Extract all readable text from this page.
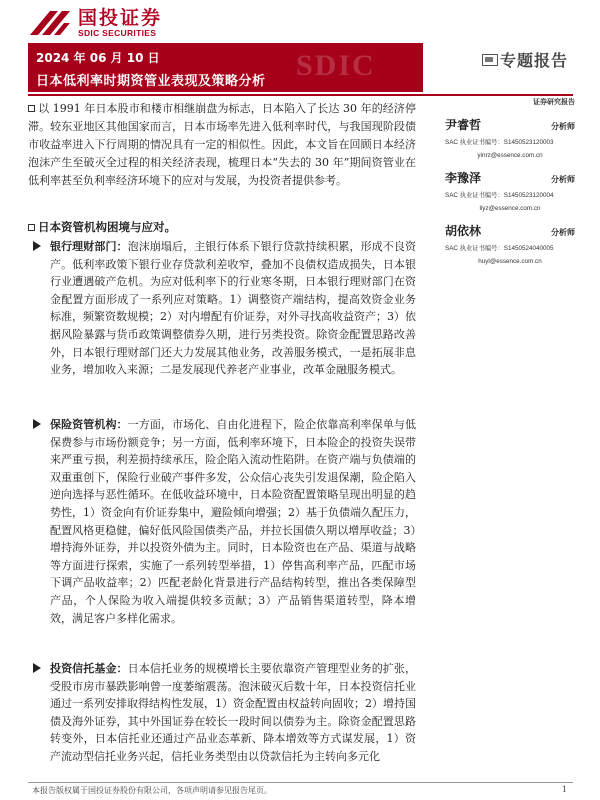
国投证券
SDIC SECURITIES
SDIC
2024 年 06 月 10 日
日本低利率时期资管业表现及策略分析
专题报告

以 1991 年日本股市和楼市相继崩盘为标志，日本陷入了长达 30 年的经济停滞。较东亚地区其他国家而言，日本市场率先进入低利率时代，与我国现阶段债市收益率进入下行周期的情况具有一定的相似性。因此，本文旨在回顾日本经济泡沫产生至破灭全过程的相关经济表现，梳理日本“失去的 30 年”期间资管业在低利率甚至负利率经济环境下的应对与发展，为投资者提供参考。

日本资管机构困境与应对。

银行理财部门：泡沫崩塌后，主银行体系下银行贷款持续积累，形成不良资产。低利率政策下银行业存贷款利差收窄，叠加不良债权造成损失，日本银行业遭遇破产危机。为应对低利率下的行业寒冬期，日本银行理财部门在资金配置方面形成了一系列应对策略。1）调整资产端结构，提高效资金业务标准，频繁资数规模；2）对内增配有价证券，对外寻找高收益资产；3）依据风险暴露与货币政策调整债券久期，进行另类投资。除资金配置思路改善外，日本银行理财部门还大力发展其他业务，改善服务模式，一是拓展非息业务，增加收入来源；二是发展现代养老产业事业，改革金融服务模式。

保险资管机构：一方面，市场化、自由化进程下，险企依靠高利率保单与低保费参与市场份额竞争；另一方面，低利率环境下，日本险企的投资失误带来严重亏损，利差损持续承压，险企陷入流动性陷阱。在资产端与负债端的双重重创下，保险行业破产事件多发，公众信心丧失引发退保潮，险企陷入逆向选择与恶性循环。在低收益环境中，日本险资配置策略呈现出明显的趋势性，1）资金向有价证券集中，避险倾向增强；2）基于负债端久配压力，配置风格更稳健，偏好低风险国债类产品，并拉长国债久期以增厚收益；3）增持海外证券，并以投资外债为主。同时，日本险资也在产品、渠道与战略等方面进行探索，实施了一系列转型举措，1）停售高利率产品，匹配市场下调产品收益率；2）匹配老龄化背景进行产品结构转型，推出各类保障型产品，个人保险为收入端提供较多贡献；3）产品销售渠道转型，降本增效，满足客户多样化需求。

投资信托基金：日本信托业务的规模增长主要依靠资产管理型业务的扩张，受股市房市暴跌影响曾一度萎缩震荡。泡沫破灭后数十年，日本投资信托业通过一系列安排取得结构性发展，1）资金配置由权益转向固收；2）增持国债及海外证券，其中外国证券在较长一段时间以债券为主。除资金配置思路转变外，日本信托业还通过产品业态革新、降本增效等方式谋发展，1）资产流动型信托业务兴起，信托业务类型由以贷款信托为主转向多元化

证券研究报告
尹睿哲	分析师
SAC 执业证书编号：S1450523120003
yinrz@essence.com.cn
李豫泽	分析师
SAC 执业证书编号：S1450523120004
liyz@essence.com.cn
胡依林	分析师
SAC 执业证书编号：S1450524040005
huyl@essence.com.cn
本报告版权属于国投证券股份有限公司，各项声明请参见报告尾页。	1
